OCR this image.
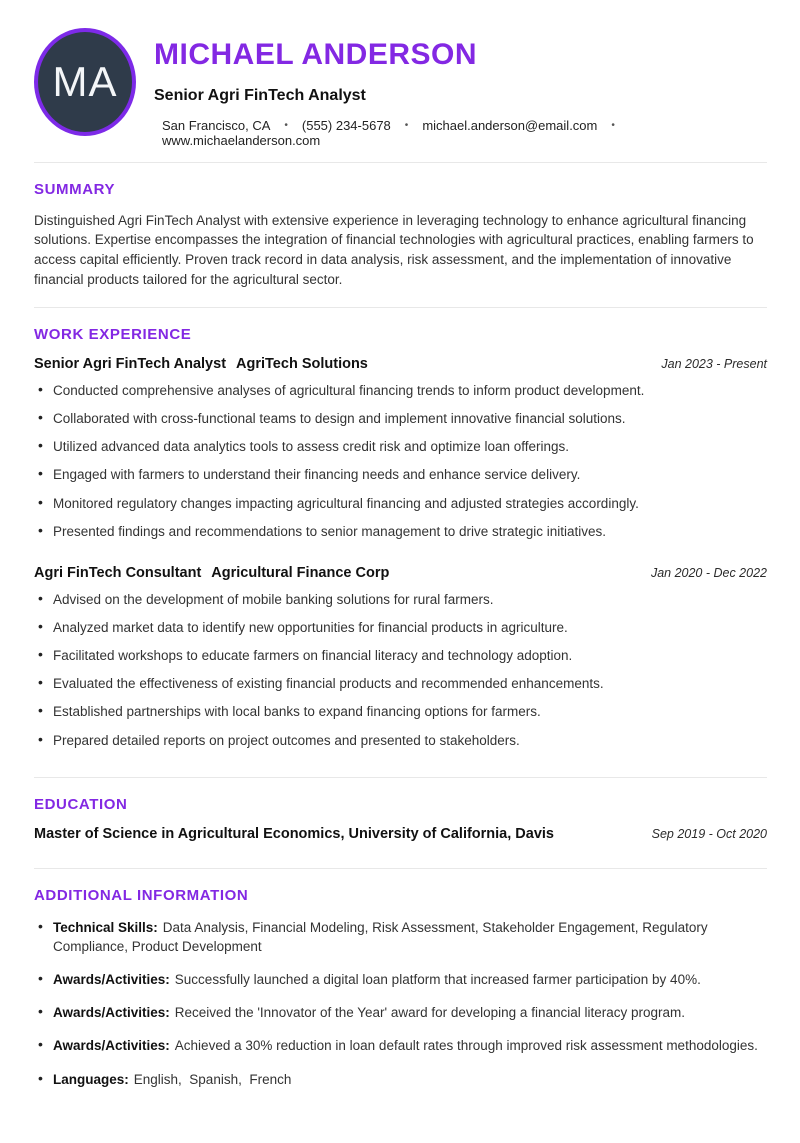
MA
MICHAEL ANDERSON
Senior Agri FinTech Analyst
San Francisco, CA • (555) 234-5678 • michael.anderson@email.com •
www.michaelanderson.com
SUMMARY

Distinguished Agri FinTech Analyst with extensive experience in leveraging technology to enhance agricultural financing solutions. Expertise encompasses the integration of financial technologies with agricultural practices, enabling farmers to access capital efficiently. Proven track record in data analysis, risk assessment, and the implementation of innovative financial products tailored for the agricultural sector.

WORK EXPERIENCE
Senior Agri FinTech Analyst AgriTech Solutions	Jan 2023 - Present
• Conducted comprehensive analyses of agricultural financing trends to inform product development.
• Collaborated with cross-functional teams to design and implement innovative financial solutions.
• Utilized advanced data analytics tools to assess credit risk and optimize loan offerings.
• Engaged with farmers to understand their financing needs and enhance service delivery.
• Monitored regulatory changes impacting agricultural financing and adjusted strategies accordingly.
• Presented findings and recommendations to senior management to drive strategic initiatives.
Agri FinTech Consultant Agricultural Finance Corp	Jan 2020 - Dec 2022
• Advised on the development of mobile banking solutions for rural farmers.
• Analyzed market data to identify new opportunities for financial products in agriculture.
• Facilitated workshops to educate farmers on financial literacy and technology adoption.
• Evaluated the effectiveness of existing financial products and recommended enhancements.
• Established partnerships with local banks to expand financing options for farmers.
• Prepared detailed reports on project outcomes and presented to stakeholders.
EDUCATION
Master of Science in Agricultural Economics, University of California, Davis	Sep 2019 - Oct 2020
ADDITIONAL INFORMATION
• Technical Skills: Data Analysis, Financial Modeling, Risk Assessment, Stakeholder Engagement, Regulatory Compliance, Product Development
• Awards/Activities: Successfully launched a digital loan platform that increased farmer participation by 40%.
• Awards/Activities: Received the 'Innovator of the Year' award for developing a financial literacy program.
• Awards/Activities: Achieved a 30% reduction in loan default rates through improved risk assessment methodologies.
• Languages: English,  Spanish,  French
